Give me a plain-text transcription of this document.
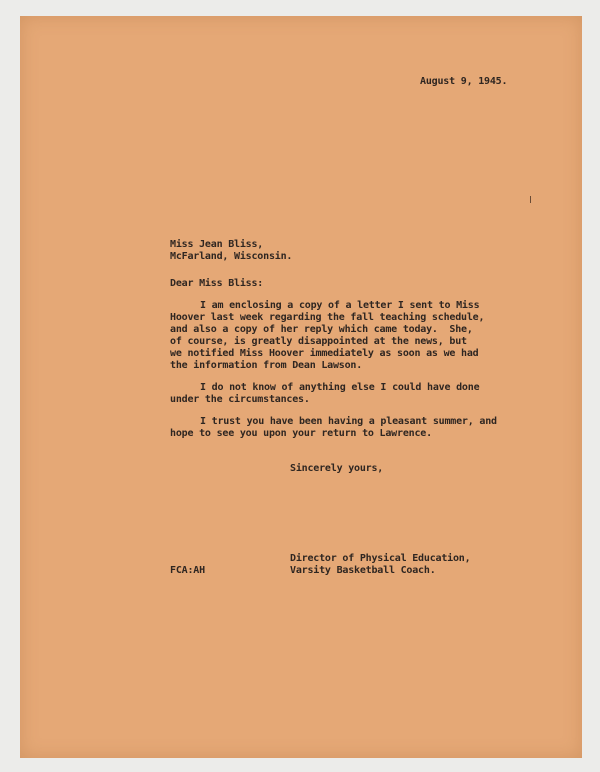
August 9, 1945.

Miss Jean Bliss,

McFarland, Wisconsin.

Dear Miss Bliss:

I am enclosing a copy of a letter I sent to Miss

Hoover last week regarding the fall teaching schedule,

and also a copy of her reply which came today.  She,

of course, is greatly disappointed at the news, but

we notified Miss Hoover immediately as soon as we had

the information from Dean Lawson.

I do not know of anything else I could have done

under the circumstances.

I trust you have been having a pleasant summer, and

hope to see you upon your return to Lawrence.

Sincerely yours,

Director of Physical Education,

Varsity Basketball Coach.

FCA:AH
